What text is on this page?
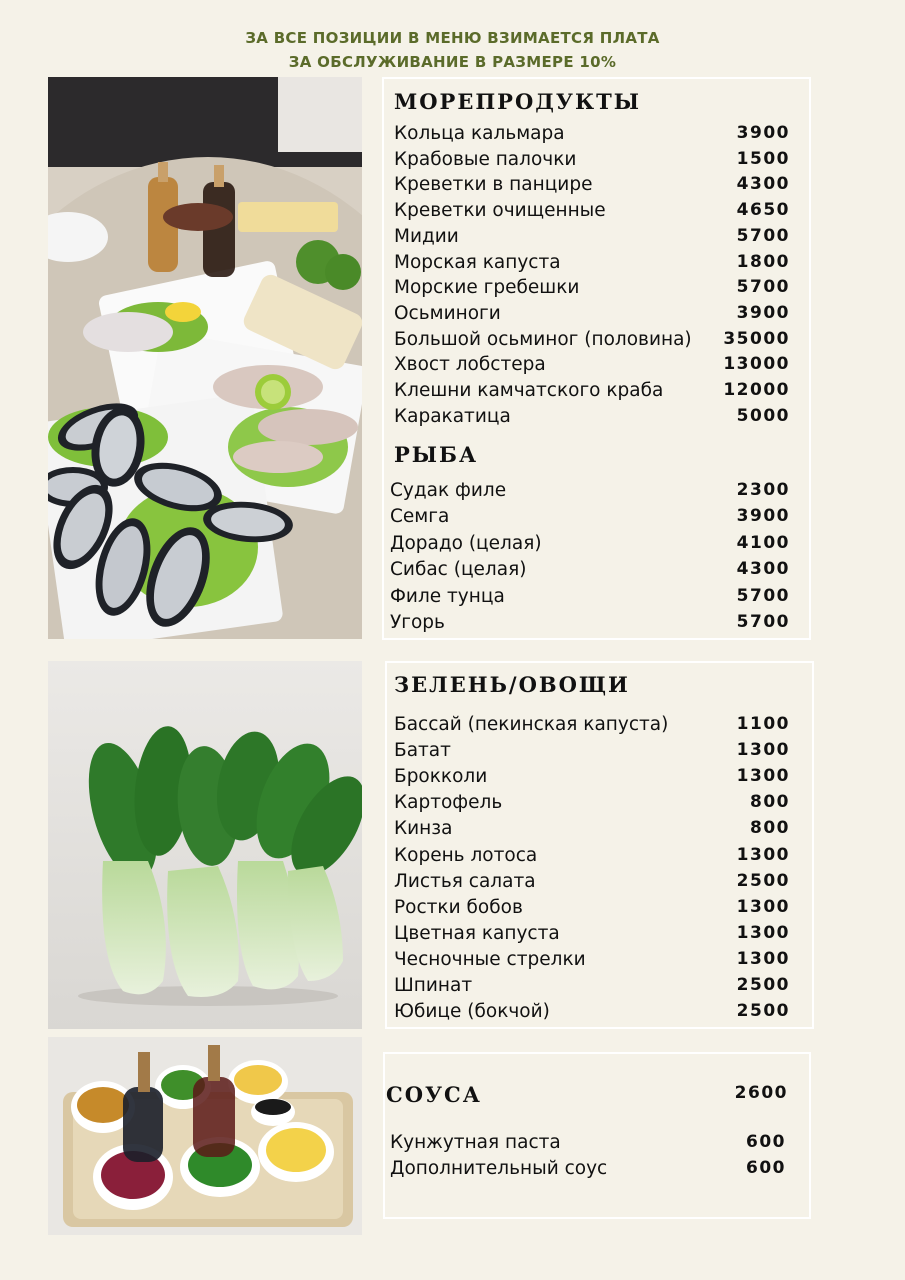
ЗА ВСЕ ПОЗИЦИИ В МЕНЮ ВЗИМАЕТСЯ ПЛАТА
ЗА ОБСЛУЖИВАНИЕ В РАЗМЕРЕ 10%
МОРЕПРОДУКТЫ
Кольца кальмара	3900
Крабовые палочки	1500
Креветки в панцире	4300
Креветки очищенные	4650
Мидии	5700
Морская капуста	1800
Морские гребешки	5700
Осьминоги	3900
Большой осьминог (половина) 35000
Хвост лобстера	13000
Клешни камчатского краба	12000
Каракатица	5000
РЫБА
Судак филе	2300
Семга	3900
Дорадо (целая)	4100
Сибас (целая)	4300
Филе тунца	5700
Угорь	5700
ЗЕЛЕНЬ/ОВОЩИ
Бассай (пекинская капуста)	1100
Батат	1300
Брокколи	1300
Картофель	800
Кинза	800
Корень лотоса	1300
Листья салата	2500
Ростки бобов	1300
Цветная капуста	1300
Чесночные стрелки	1300
Шпинат	2500
Юбице (бокчой)	2500
СОУСА	2600
Кунжутная паста	600
Дополнительный соус	600
